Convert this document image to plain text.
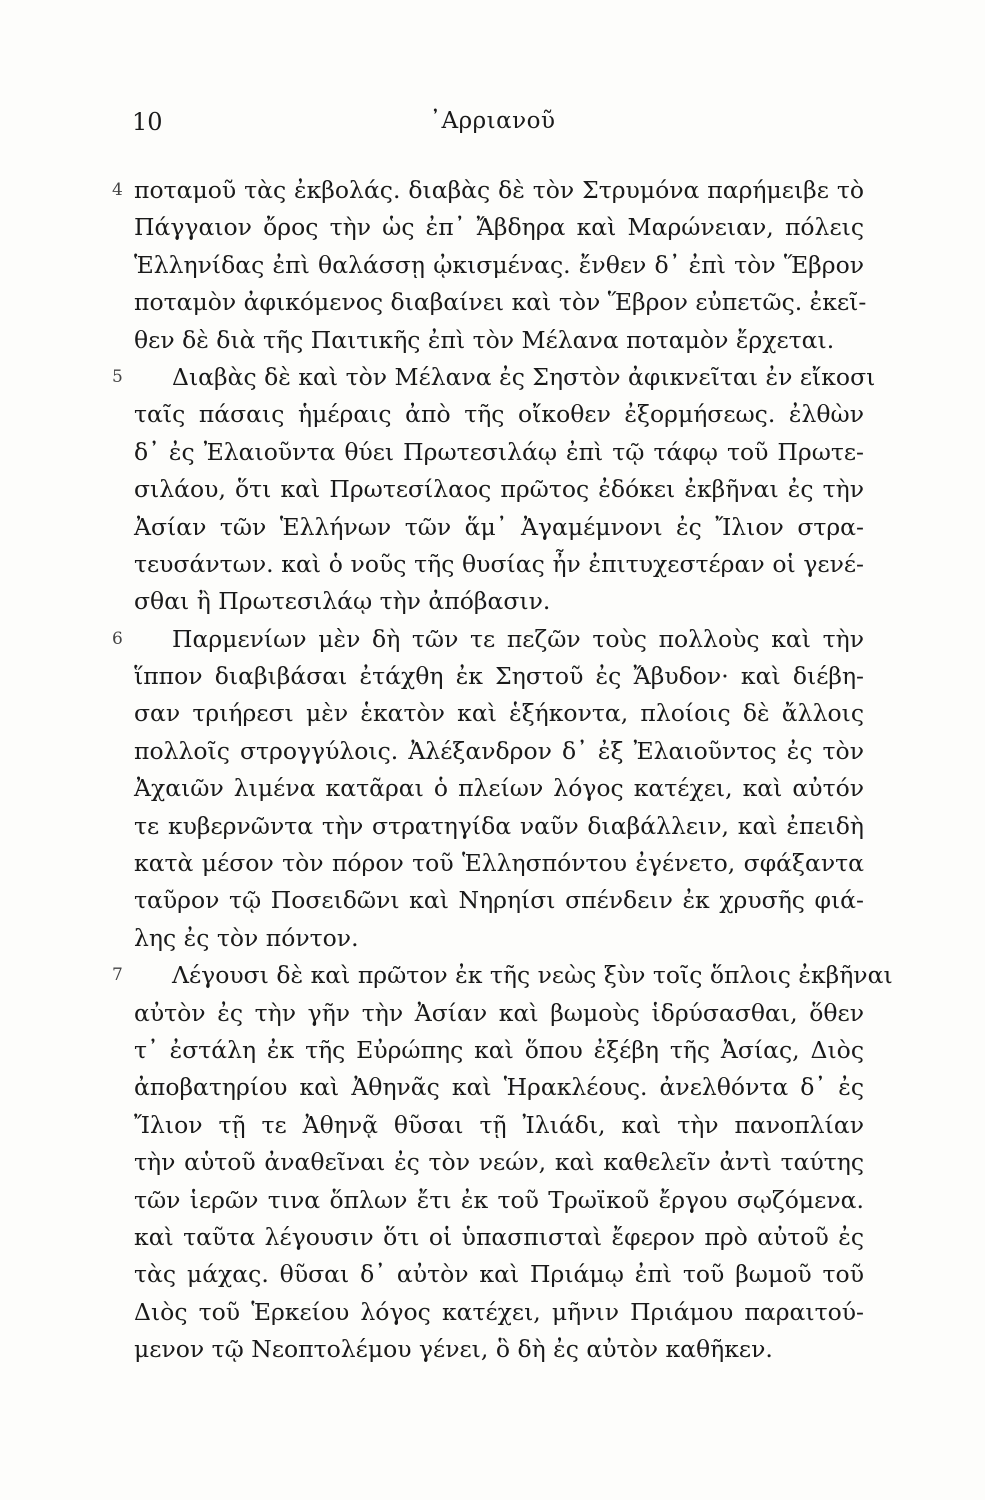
10	᾿Αρριανοῦ
4 ποταμοῦ τὰς ἐκβολάς. διαβὰς δὲ τὸν Στρυμόνα παρήμειβε τὸ
Πάγγαιον ὄρος τὴν ὡς ἐπ᾿ Ἄβδηρα καὶ Μαρώνειαν, πόλεις
Ἑλληνίδας ἐπὶ θαλάσσῃ ᾠκισμένας. ἔνθεν δ᾿ ἐπὶ τὸν Ἕβρον
ποταμὸν ἀφικόμενος διαβαίνει καὶ τὸν Ἕβρον εὐπετῶς. ἐκεῖ-
θεν δὲ διὰ τῆς Παιτικῆς ἐπὶ τὸν Μέλανα ποταμὸν ἔρχεται.
5 Διαβὰς δὲ καὶ τὸν Μέλανα ἐς Σηστὸν ἀφικνεῖται ἐν εἴκοσι
ταῖς πάσαις ἡμέραις ἀπὸ τῆς οἴκοθεν ἐξορμήσεως. ἐλθὼν
δ᾿ ἐς Ἐλαιοῦντα θύει Πρωτεσιλάῳ ἐπὶ τῷ τάφῳ τοῦ Πρωτε-
σιλάου, ὅτι καὶ Πρωτεσίλαος πρῶτος ἐδόκει ἐκβῆναι ἐς τὴν
Ἀσίαν τῶν Ἑλλήνων τῶν ἅμ᾿ Ἀγαμέμνονι ἐς Ἴλιον στρα-
τευσάντων. καὶ ὁ νοῦς τῆς θυσίας ἦν ἐπιτυχεστέραν οἱ γενέ-
σθαι ἢ Πρωτεσιλάῳ τὴν ἀπόβασιν.
6 Παρμενίων μὲν δὴ τῶν τε πεζῶν τοὺς πολλοὺς καὶ τὴν
ἵππον διαβιβάσαι ἐτάχθη ἐκ Σηστοῦ ἐς Ἄβυδον· καὶ διέβη-
σαν τριήρεσι μὲν ἑκατὸν καὶ ἑξήκοντα, πλοίοις δὲ ἄλλοις
πολλοῖς στρογγύλοις. Ἀλέξανδρον δ᾿ ἐξ Ἐλαιοῦντος ἐς τὸν
Ἀχαιῶν λιμένα κατᾶραι ὁ πλείων λόγος κατέχει, καὶ αὐτόν
τε κυβερνῶντα τὴν στρατηγίδα ναῦν διαβάλλειν, καὶ ἐπειδὴ
κατὰ μέσον τὸν πόρον τοῦ Ἑλλησπόντου ἐγένετο, σφάξαντα
ταῦρον τῷ Ποσειδῶνι καὶ Νηρηίσι σπένδειν ἐκ χρυσῆς φιά-
λης ἐς τὸν πόντον.
7 Λέγουσι δὲ καὶ πρῶτον ἐκ τῆς νεὼς ξὺν τοῖς ὅπλοις ἐκβῆναι
αὐτὸν ἐς τὴν γῆν τὴν Ἀσίαν καὶ βωμοὺς ἱδρύσασθαι, ὅθεν
τ᾿ ἐστάλη ἐκ τῆς Εὐρώπης καὶ ὅπου ἐξέβη τῆς Ἀσίας, Διὸς
ἀποβατηρίου καὶ Ἀθηνᾶς καὶ Ἡρακλέους. ἀνελθόντα δ᾿ ἐς
Ἴλιον τῇ τε Ἀθηνᾷ θῦσαι τῇ Ἰλιάδι, καὶ τὴν πανοπλίαν
τὴν αὑτοῦ ἀναθεῖναι ἐς τὸν νεών, καὶ καθελεῖν ἀντὶ ταύτης
τῶν ἱερῶν τινα ὅπλων ἔτι ἐκ τοῦ Τρωϊκοῦ ἔργου σῳζόμενα.
καὶ ταῦτα λέγουσιν ὅτι οἱ ὑπασπισταὶ ἔφερον πρὸ αὐτοῦ ἐς
τὰς μάχας. θῦσαι δ᾿ αὐτὸν καὶ Πριάμῳ ἐπὶ τοῦ βωμοῦ τοῦ
Διὸς τοῦ Ἑρκείου λόγος κατέχει, μῆνιν Πριάμου παραιτού-
μενον τῷ Νεοπτολέμου γένει, ὃ δὴ ἐς αὐτὸν καθῆκεν.
